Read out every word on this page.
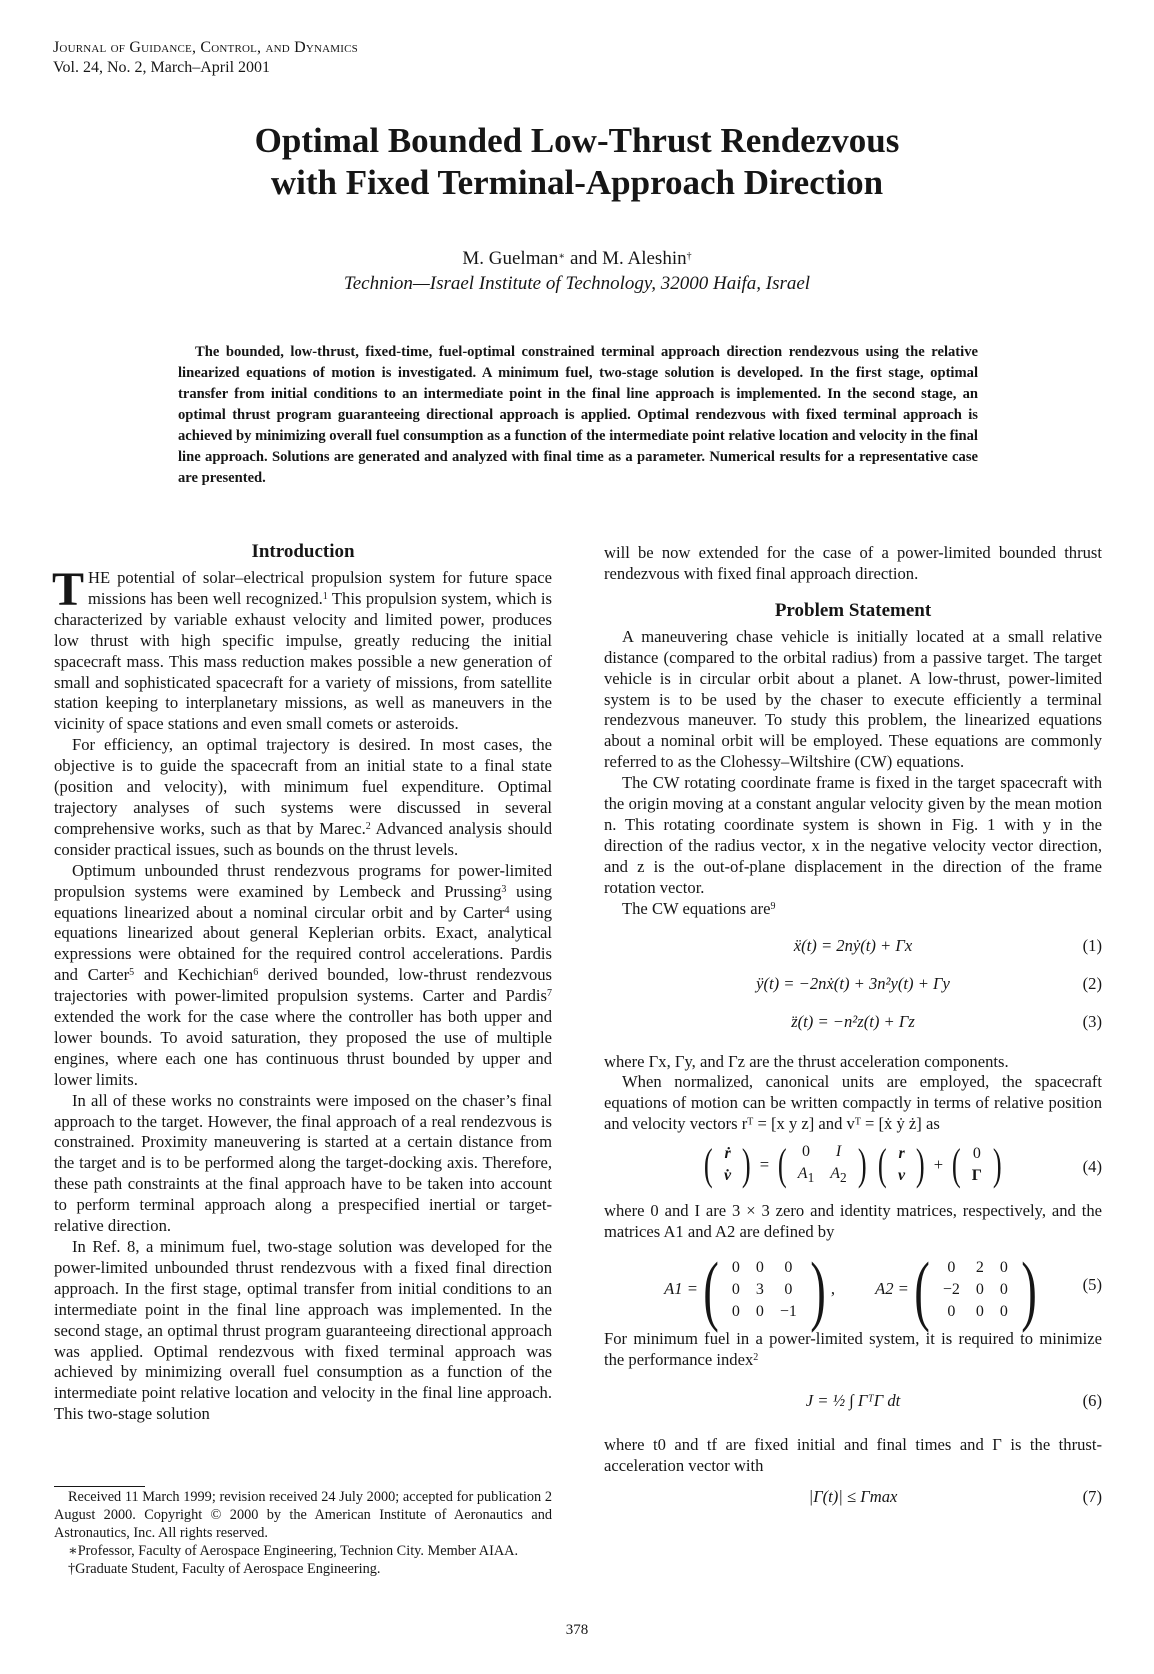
Journal of Guidance, Control, and Dynamics
Vol. 24, No. 2, March–April 2001
Optimal Bounded Low-Thrust Rendezvous
with Fixed Terminal-Approach Direction
M. Guelman∗ and M. Aleshin†
Technion—Israel Institute of Technology, 32000 Haifa, Israel
The bounded, low-thrust, fixed-time, fuel-optimal constrained terminal approach direction rendezvous using the relative linearized equations of motion is investigated. A minimum fuel, two-stage solution is developed. In the first stage, optimal transfer from initial conditions to an intermediate point in the final line approach is implemented. In the second stage, an optimal thrust program guaranteeing directional approach is applied. Optimal rendezvous with fixed terminal approach is achieved by minimizing overall fuel consumption as a function of the intermediate point relative location and velocity in the final line approach. Solutions are generated and analyzed with final time as a parameter. Numerical results for a representative case are presented.
Introduction

THE potential of solar–electrical propulsion system for future space missions has been well recognized.$^1$ This propulsion system, which is characterized by variable exhaust velocity and limited power, produces low thrust with high specific impulse, greatly reducing the initial spacecraft mass. This mass reduction makes possible a new generation of small and sophisticated spacecraft for a variety of missions, from satellite station keeping to interplanetary missions, as well as maneuvers in the vicinity of space stations and even small comets or asteroids.

For efficiency, an optimal trajectory is desired. In most cases, the objective is to guide the spacecraft from an initial state to a final state (position and velocity), with minimum fuel expenditure. Optimal trajectory analyses of such systems were discussed in several comprehensive works, such as that by Marec.$^2$ Advanced analysis should consider practical issues, such as bounds on the thrust levels.

Optimum unbounded thrust rendezvous programs for power-limited propulsion systems were examined by Lembeck and Prussing$^3$ using equations linearized about a nominal circular orbit and by Carter$^4$ using equations linearized about general Keplerian orbits. Exact, analytical expressions were obtained for the required control accelerations. Pardis and Carter$^5$ and Kechichian$^6$ derived bounded, low-thrust rendezvous trajectories with power-limited propulsion systems. Carter and Pardis$^7$ extended the work for the case where the controller has both upper and lower bounds. To avoid saturation, they proposed the use of multiple engines, where each one has continuous thrust bounded by upper and lower limits.

In all of these works no constraints were imposed on the chaser’s final approach to the target. However, the final approach of a real rendezvous is constrained. Proximity maneuvering is started at a certain distance from the target and is to be performed along the target-docking axis. Therefore, these path constraints at the final approach have to be taken into account to perform terminal approach along a prespecified inertial or target-relative direction.

In Ref. 8, a minimum fuel, two-stage solution was developed for the power-limited unbounded thrust rendezvous with a fixed final direction approach. In the first stage, optimal transfer from initial conditions to an intermediate point in the final line approach was implemented. In the second stage, an optimal thrust program guaranteeing directional approach was applied. Optimal rendezvous with fixed terminal approach was achieved by minimizing overall fuel consumption as a function of the intermediate point relative location and velocity in the final line approach. This two-stage solution

Received 11 March 1999; revision received 24 July 2000; accepted for publication 2 August 2000. Copyright © 2000 by the American Institute of Aeronautics and Astronautics, Inc. All rights reserved.

∗Professor, Faculty of Aerospace Engineering, Technion City. Member AIAA.

†Graduate Student, Faculty of Aerospace Engineering.

will be now extended for the case of a power-limited bounded thrust rendezvous with fixed final approach direction.

Problem Statement

A maneuvering chase vehicle is initially located at a small relative distance (compared to the orbital radius) from a passive target. The target vehicle is in circular orbit about a planet. A low-thrust, power-limited system is to be used by the chaser to execute efficiently a terminal rendezvous maneuver. To study this problem, the linearized equations about a nominal orbit will be employed. These equations are commonly referred to as the Clohessy–Wiltshire (CW) equations.

The CW rotating coordinate frame is fixed in the target spacecraft with the origin moving at a constant angular velocity given by the mean motion n. This rotating coordinate system is shown in Fig. 1 with y in the direction of the radius vector, x in the negative velocity vector direction, and z is the out-of-plane displacement in the direction of the frame rotation vector.

The CW equations are$^9$

ẍ(t) = 2nẏ(t) + Γx	(1)
ÿ(t) = −2nẋ(t) + 3n²y(t) + Γy	(2)
z̈(t) = −n²z(t) + Γz	(3)

where Γx, Γy, and Γz are the thrust acceleration components.

When normalized, canonical units are employed, the spacecraft equations of motion can be written compactly in terms of relative position and velocity vectors rᵀ = [x y z] and vᵀ = [ẋ ẏ ż] as

( ṙ
v̇ ) = ( 0	I
$A_1$	$A_2$ ) ( r
v ) + ( 0
Γ )	(4)

where 0 and I are 3 × 3 zero and identity matrices, respectively, and the matrices A1 and A2 are defined by

A1 = ( 0	0	0
0	3	0
0	0	−1 ) , A2 = ( 0	2	0
−2	0	0
0	0	0 )	(5)

For minimum fuel in a power-limited system, it is required to minimize the performance index$^2$

J = ½ ∫ ΓᵀΓ dt	(6)

where t0 and tf are fixed initial and final times and Γ is the thrust-acceleration vector with

|Γ(t)| ≤ Γmax	(7)
378
